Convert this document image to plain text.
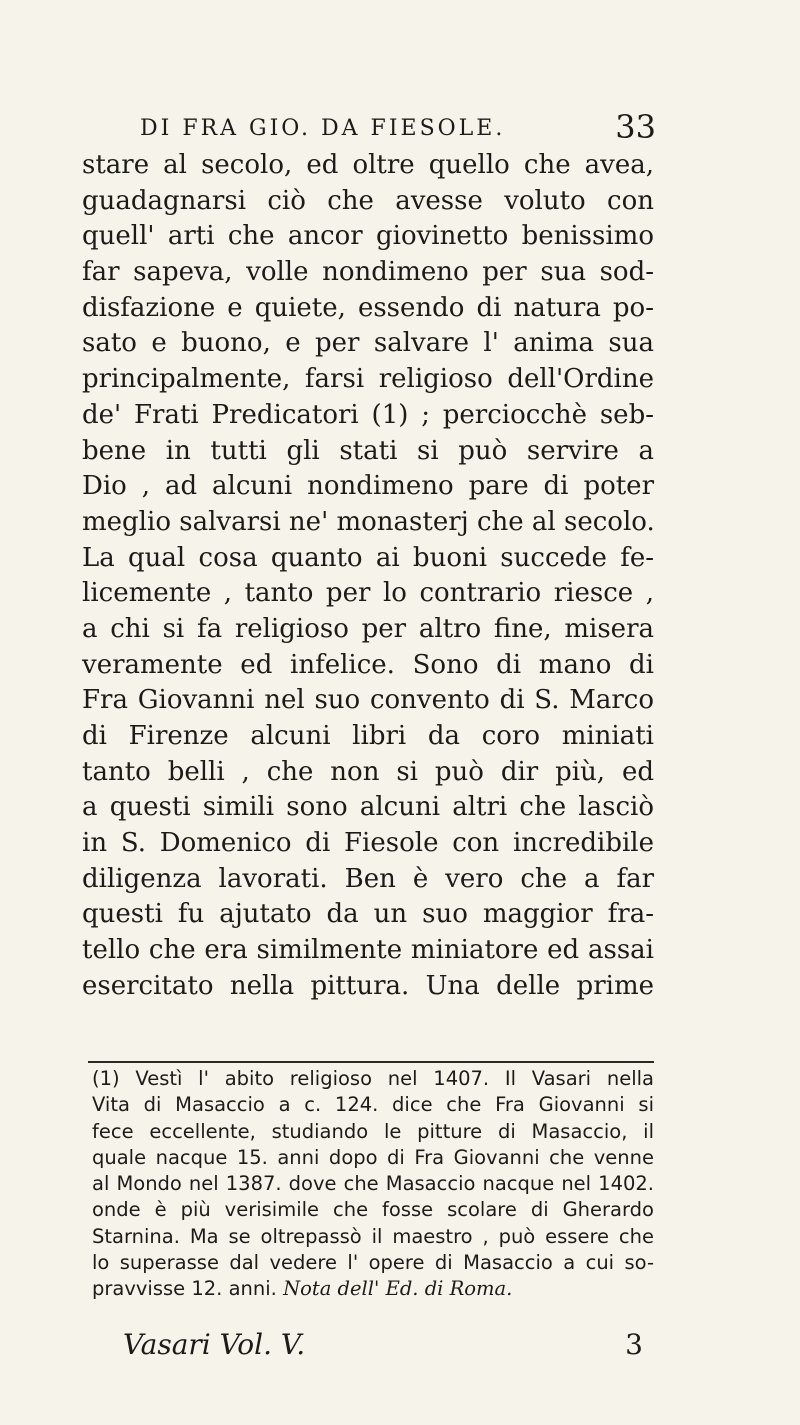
DI FRA GIO. DA FIESOLE.	33
stare al secolo, ed oltre quello che avea,
guadagnarsi ciò che avesse voluto con
quell' arti che ancor giovinetto benissimo
far sapeva, volle nondimeno per sua sod-
disfazione e quiete, essendo di natura po-
sato e buono, e per salvare l' anima sua
principalmente, farsi religioso dell'Ordine
de' Frati Predicatori (1) ; perciocchè seb-
bene in tutti gli stati si può servire a
Dio , ad alcuni nondimeno pare di poter
meglio salvarsi ne' monasterj che al secolo.
La qual cosa quanto ai buoni succede fe-
licemente , tanto per lo contrario riesce ,
a chi si fa religioso per altro fine, misera
veramente ed infelice. Sono di mano di
Fra Giovanni nel suo convento di S. Marco
di Firenze alcuni libri da coro miniati
tanto belli , che non si può dir più, ed
a questi simili sono alcuni altri che lasciò
in S. Domenico di Fiesole con incredibile
diligenza lavorati. Ben è vero che a far
questi fu ajutato da un suo maggior fra-
tello che era similmente miniatore ed assai
esercitato nella pittura. Una delle prime
(1) Vestì l' abito religioso nel 1407. Il Vasari nella
Vita di Masaccio a c. 124. dice che Fra Giovanni si
fece eccellente, studiando le pitture di Masaccio, il
quale nacque 15. anni dopo di Fra Giovanni che venne
al Mondo nel 1387. dove che Masaccio nacque nel 1402.
onde è più verisimile che fosse scolare di Gherardo
Starnina. Ma se oltrepassò il maestro , può essere che
lo superasse dal vedere l' opere di Masaccio a cui so-
pravvisse 12. anni. Nota dell' Ed. di Roma.
Vasari Vol. V.	3
